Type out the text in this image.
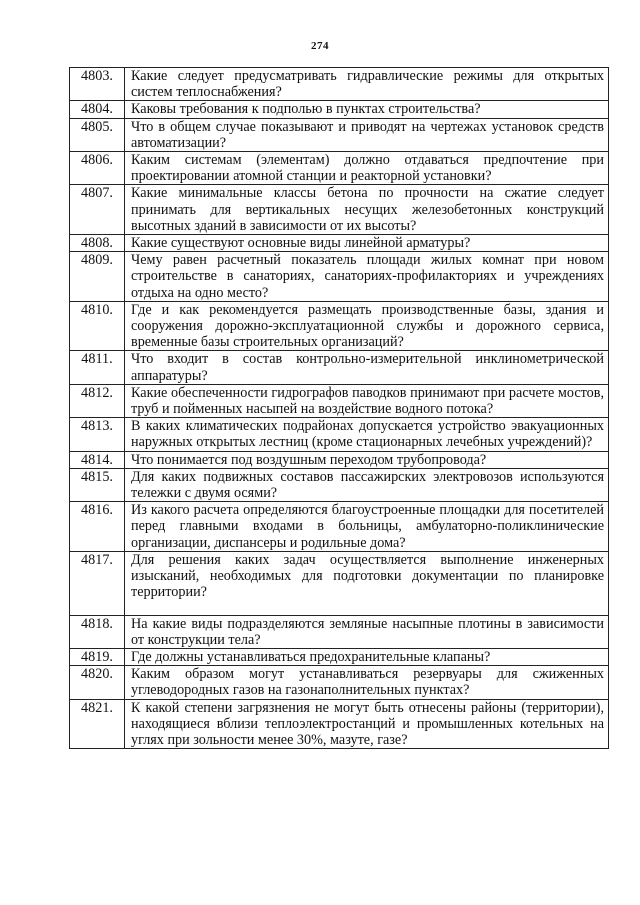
274
4803.	Какие следует предусматривать гидравлические режимы для открытых систем теплоснабжения?
4804.	Каковы требования к подполью в пунктах строительства?
4805.	Что в общем случае показывают и приводят на чертежах установок средств автоматизации?
4806.	Каким системам (элементам) должно отдаваться предпочтение при проектировании атомной станции и реакторной установки?
4807.	Какие минимальные классы бетона по прочности на сжатие следует принимать для вертикальных несущих железобетонных конструкций высотных зданий в зависимости от их высоты?
4808.	Какие существуют основные виды линейной арматуры?
4809.	Чему равен расчетный показатель площади жилых комнат при новом строительстве в санаториях, санаториях-профилакториях и учреждениях отдыха на одно место?
4810.	Где и как рекомендуется размещать производственные базы, здания и сооружения дорожно-эксплуатационной службы и дорожного сервиса, временные базы строительных организаций?
4811.	Что входит в состав контрольно-измерительной инклинометрической аппаратуры?
4812.	Какие обеспеченности гидрографов паводков принимают при расчете мостов, труб и пойменных насыпей на воздействие водного потока?
4813.	В каких климатических подрайонах допускается устройство эвакуационных наружных открытых лестниц (кроме стационарных лечебных учреждений)?
4814.	Что понимается под воздушным переходом трубопровода?
4815.	Для каких подвижных составов пассажирских электровозов используются тележки с двумя осями?
4816.	Из какого расчета определяются благоустроенные площадки для посетителей перед главными входами в больницы, амбулаторно-поликлинические организации, диспансеры и родильные дома?
4817.	Для решения каких задач осуществляется выполнение инженерных изысканий, необходимых для подготовки документации по планировке территории?
4818.	На какие виды подразделяются земляные насыпные плотины в зависимости от конструкции тела?
4819.	Где должны устанавливаться предохранительные клапаны?
4820.	Каким образом могут устанавливаться резервуары для сжиженных углеводородных газов на газонаполнительных пунктах?
4821.	К какой степени загрязнения не могут быть отнесены районы (территории), находящиеся вблизи теплоэлектростанций и промышленных котельных на углях при зольности менее 30%, мазуте, газе?
